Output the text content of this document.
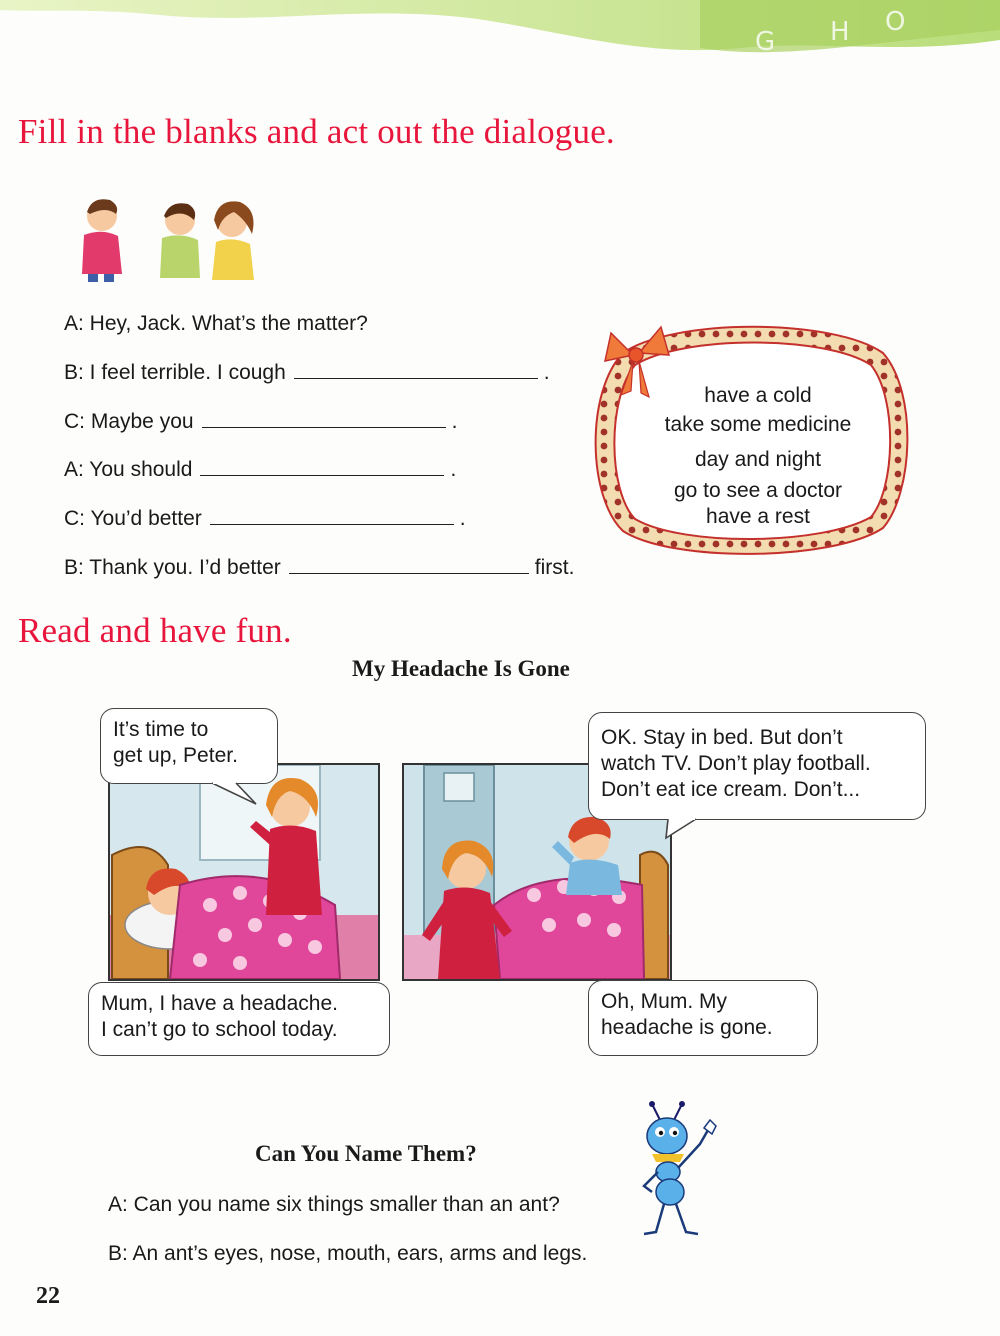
G H O
Fill in the blanks and act out the dialogue.
A: Hey, Jack. What’s the matter?
B: I feel terrible. I cough	.
C: Maybe you	.
A: You should	.
C: You’d better	.
B: Thank you. I’d better	first.
have a cold
take some medicine
day and night
go to see a doctor
have a rest
Read and have fun.
My Headache Is Gone
It’s time to
get up, Peter.
Mum, I have a headache.
I can’t go to school today.
OK. Stay in bed. But don’t
watch TV. Don’t play football.
Don’t eat ice cream. Don’t...
Oh, Mum. My
headache is gone.
Can You Name Them?
A: Can you name six things smaller than an ant?
B: An ant’s eyes, nose, mouth, ears, arms and legs.
22
